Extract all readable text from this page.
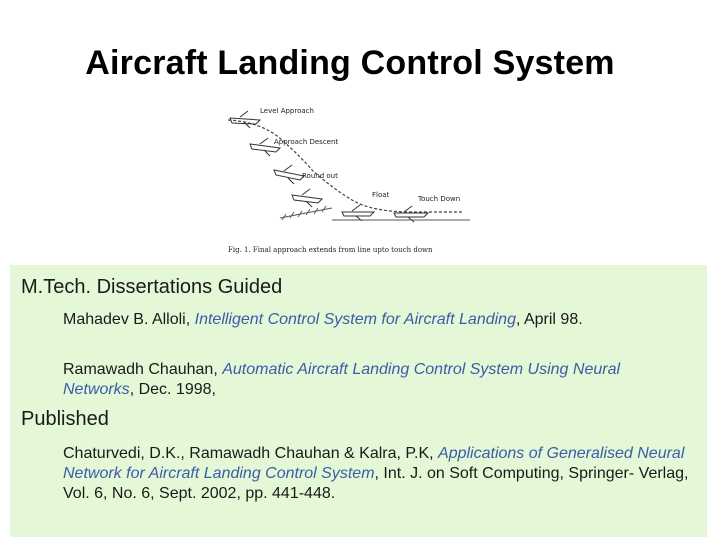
Aircraft Landing Control System
Level Approach
Approach Descent
Round out
Float	Touch Down
Fig. 1. Final approach extends from line upto touch down
M.Tech. Dissertations Guided
Mahadev B. Alloli, Intelligent Control System for Aircraft Landing, April 98.
Ramawadh Chauhan, Automatic Aircraft Landing Control System Using Neural Networks, Dec. 1998,
Published
Chaturvedi, D.K., Ramawadh Chauhan & Kalra, P.K, Applications of Generalised Neural Network for Aircraft Landing Control System, Int. J. on Soft Computing, Springer- Verlag, Vol. 6, No. 6, Sept. 2002, pp. 441-448.
